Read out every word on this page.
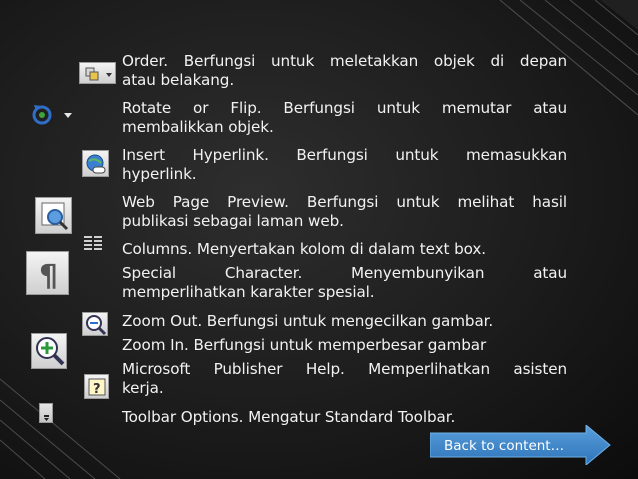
¶
?
Order. Berfungsi untuk meletakkan objek di depan
atau belakang.
Rotate or Flip. Berfungsi untuk memutar atau
membalikkan objek.
Insert Hyperlink. Berfungsi untuk memasukkan
hyperlink.
Web Page Preview. Berfungsi untuk melihat hasil
publikasi sebagai laman web.
Columns. Menyertakan kolom di dalam text box.
Special Character. Menyembunyikan atau
memperlihatkan karakter spesial.
Zoom Out. Berfungsi untuk mengecilkan gambar.
Zoom In. Berfungsi untuk memperbesar gambar
Microsoft Publisher Help. Memperlihatkan asisten
kerja.
Toolbar Options. Mengatur Standard Toolbar.
Back to content…
